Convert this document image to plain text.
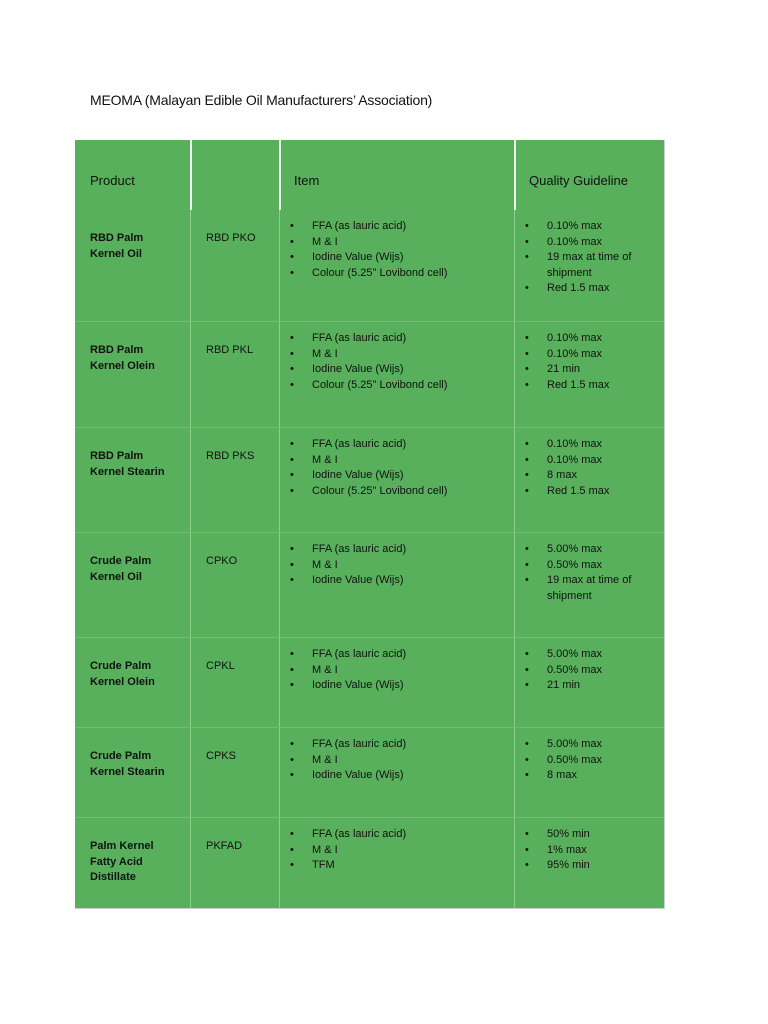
MEOMA (Malayan Edible Oil Manufacturers’ Association)
Product	Item	Quality Guideline
RBD Palm Kernel Oil
RBD PKO
• FFA (as lauric acid)
• M & I
• Iodine Value (Wijs)
• Colour (5.25" Lovibond cell)
• 0.10% max
• 0.10% max
• 19 max at time of shipment
• Red 1.5 max
RBD Palm Kernel Olein
RBD PKL
• FFA (as lauric acid)
• M & I
• Iodine Value (Wijs)
• Colour (5.25" Lovibond cell)
• 0.10% max
• 0.10% max
• 21 min
• Red 1.5 max
RBD Palm Kernel Stearin
RBD PKS
• FFA (as lauric acid)
• M & I
• Iodine Value (Wijs)
• Colour (5.25" Lovibond cell)
• 0.10% max
• 0.10% max
• 8 max
• Red 1.5 max
Crude Palm Kernel Oil
CPKO
• FFA (as lauric acid)
• M & I
• Iodine Value (Wijs)
• 5.00% max
• 0.50% max
• 19 max at time of shipment
Crude Palm Kernel Olein
CPKL
• FFA (as lauric acid)
• M & I
• Iodine Value (Wijs)
• 5.00% max
• 0.50% max
• 21 min
Crude Palm Kernel Stearin
CPKS
• FFA (as lauric acid)
• M & I
• Iodine Value (Wijs)
• 5.00% max
• 0.50% max
• 8 max
Palm Kernel Fatty Acid Distillate
PKFAD
• FFA (as lauric acid)
• M & I
• TFM
• 50% min
• 1% max
• 95% min
